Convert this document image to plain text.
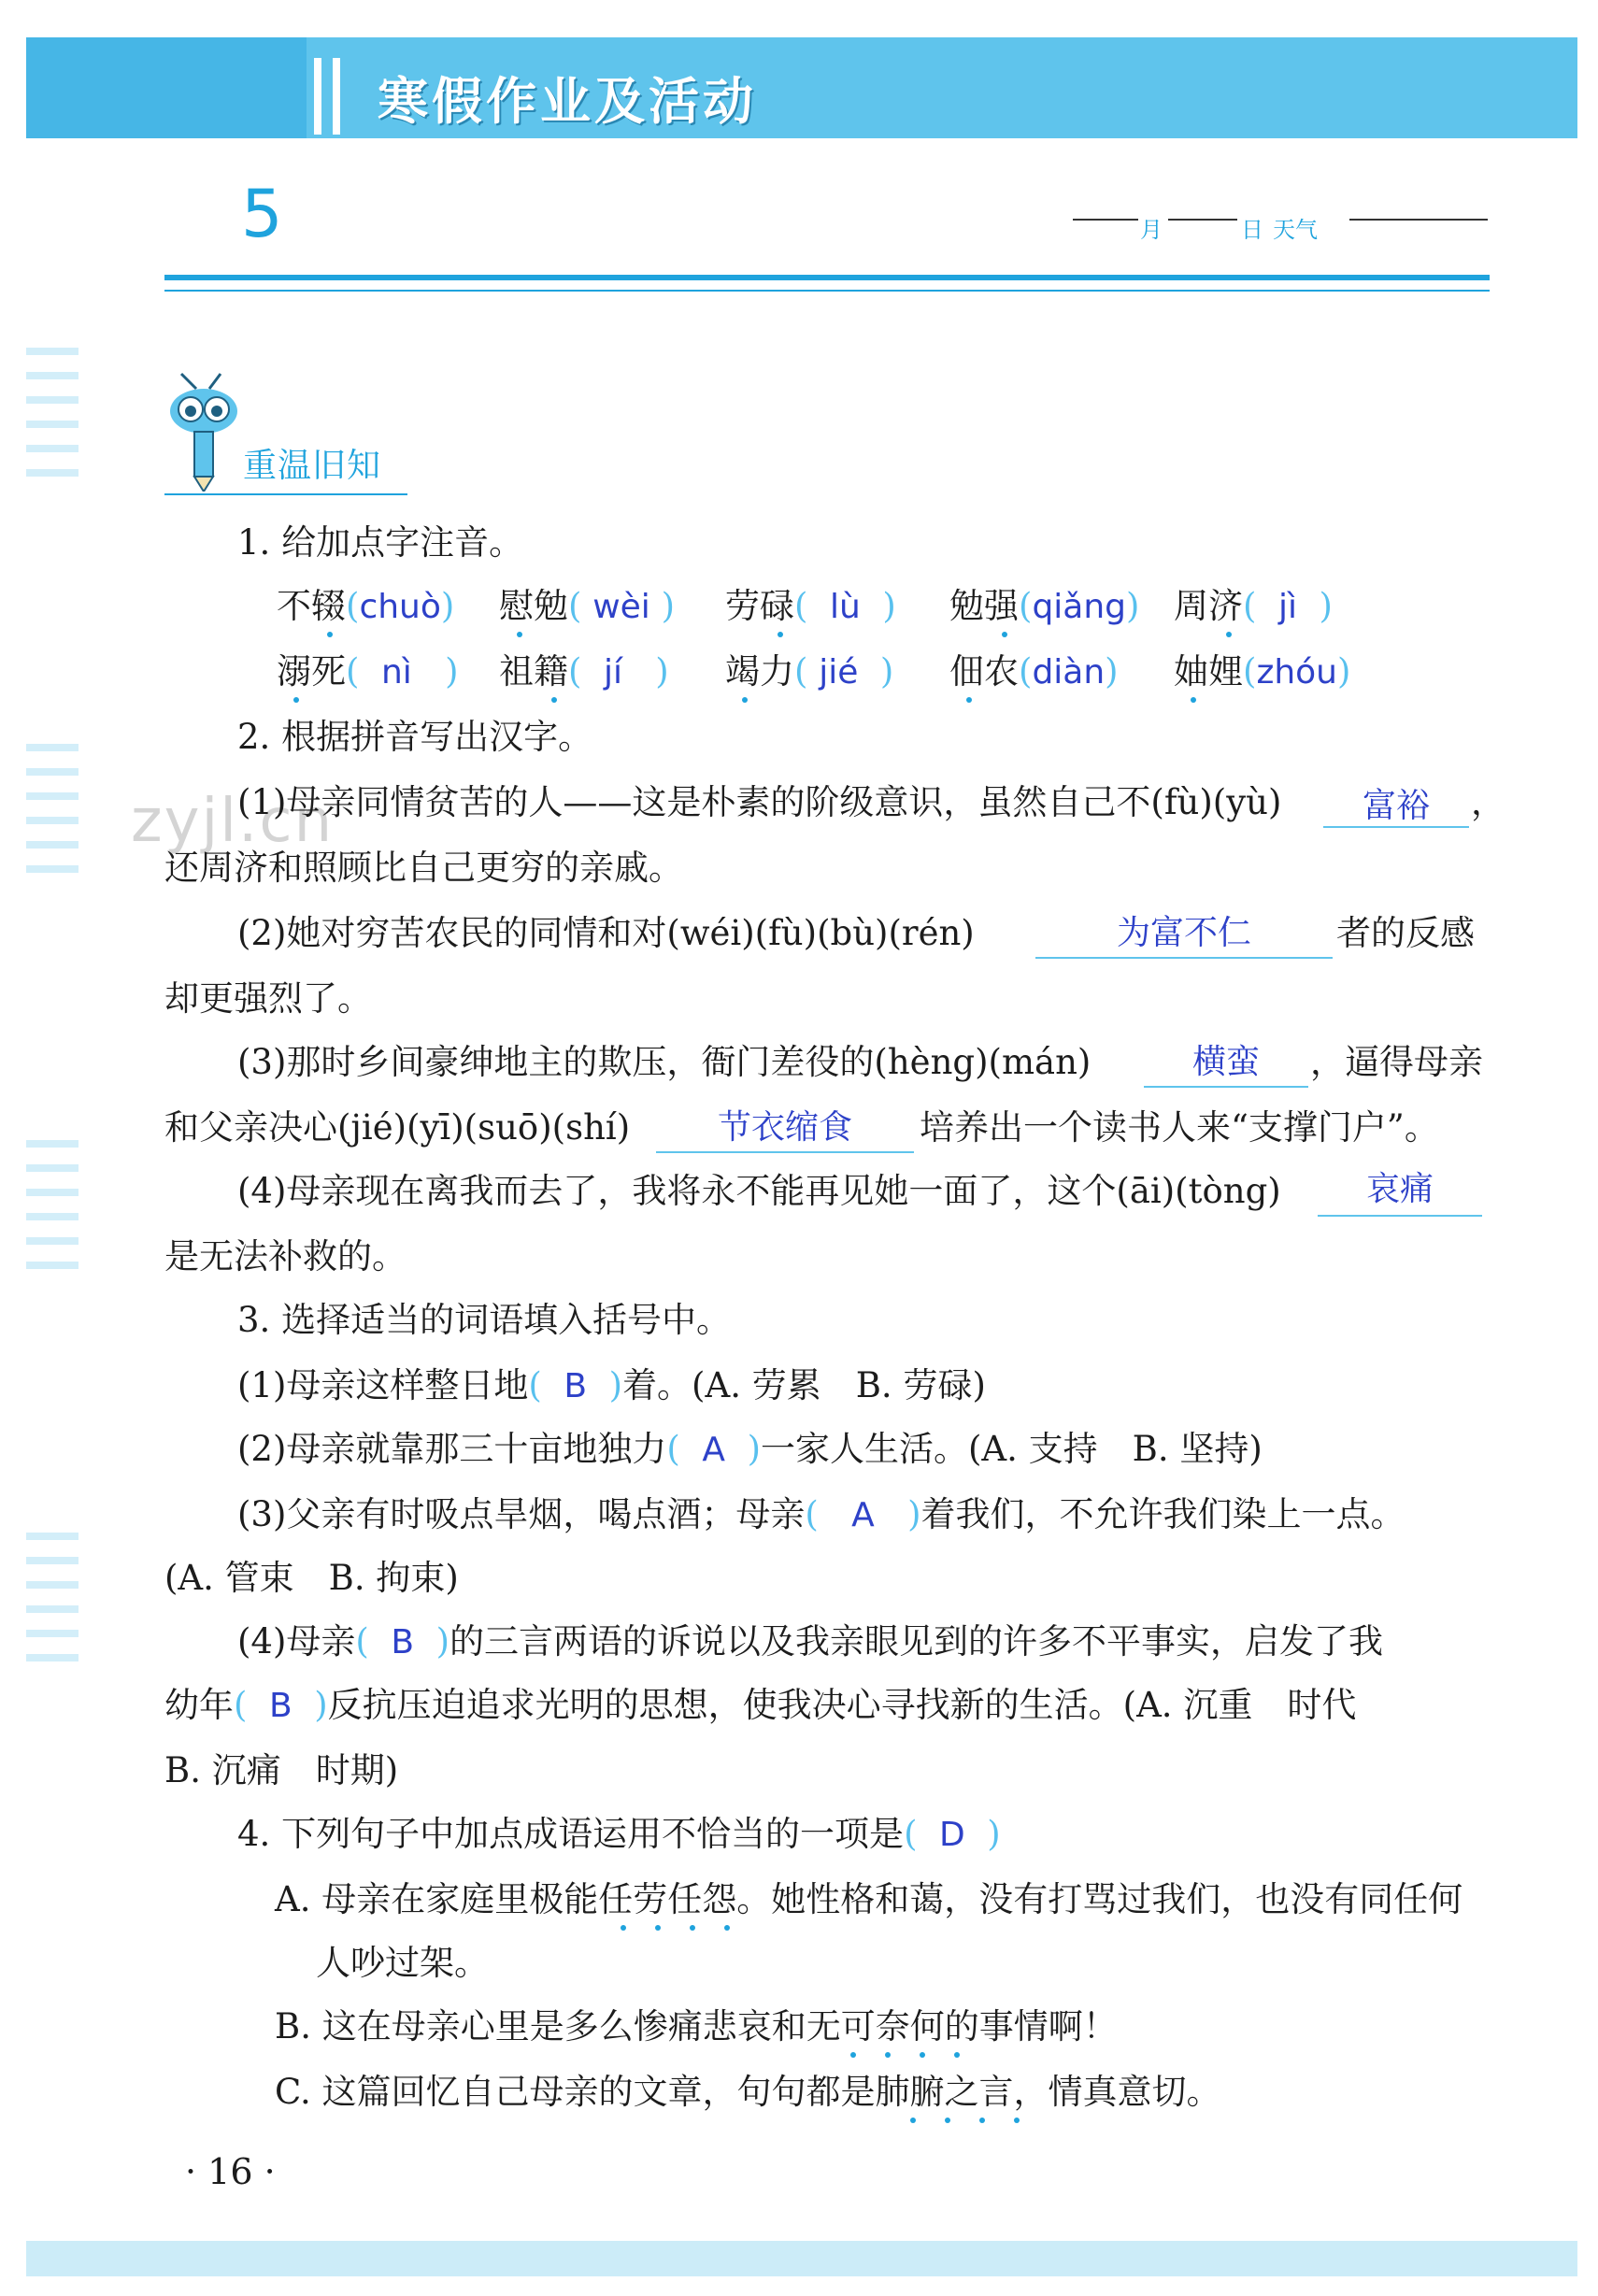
寒假作业及活动
5	月	日 天气
zyjl.cn
重温旧知
1. 给加点字注音。
不辍(chuò) 慰勉( wèi ) 劳碌( lù ) 勉强(qiǎng) 周济( jì )
溺死( nì ) 祖籍( jí ) 竭力( jié ) 佃农(diàn) 妯娌(zhóu)
2. 根据拼音写出汉字。
(1)母亲同情贫苦的人——这是朴素的阶级意识，虽然自己不(fù)(yù)	富裕	，
还周济和照顾比自己更穷的亲戚。
(2)她对穷苦农民的同情和对(wéi)(fù)(bù)(rén)	为富不仁	者的反感
却更强烈了。
(3)那时乡间豪绅地主的欺压，衙门差役的(hèng)(mán)	横蛮	，逼得母亲
和父亲决心(jié)(yī)(suō)(shí)	节衣缩食	培养出一个读书人来“支撑门户”。
(4)母亲现在离我而去了，我将永不能再见她一面了，这个(āi)(tòng)	哀痛
是无法补救的。
3. 选择适当的词语填入括号中。
(1)母亲这样整日地( B )着。(A. 劳累　B. 劳碌)
(2)母亲就靠那三十亩地独力( A )一家人生活。(A. 支持　B. 坚持)
(3)父亲有时吸点旱烟，喝点酒；母亲( A )着我们，不允许我们染上一点。
(A. 管束　B. 拘束)
(4)母亲( B )的三言两语的诉说以及我亲眼见到的许多不平事实，启发了我
幼年( B )反抗压迫追求光明的思想，使我决心寻找新的生活。(A. 沉重　时代
B. 沉痛　时期)
4. 下列句子中加点成语运用不恰当的一项是( D )
A. 母亲在家庭里极能任劳任怨。她性格和蔼，没有打骂过我们，也没有同任何
人吵过架。
B. 这在母亲心里是多么惨痛悲哀和无可奈何的事情啊！
C. 这篇回忆自己母亲的文章，句句都是肺腑之言，情真意切。
· 16 ·
